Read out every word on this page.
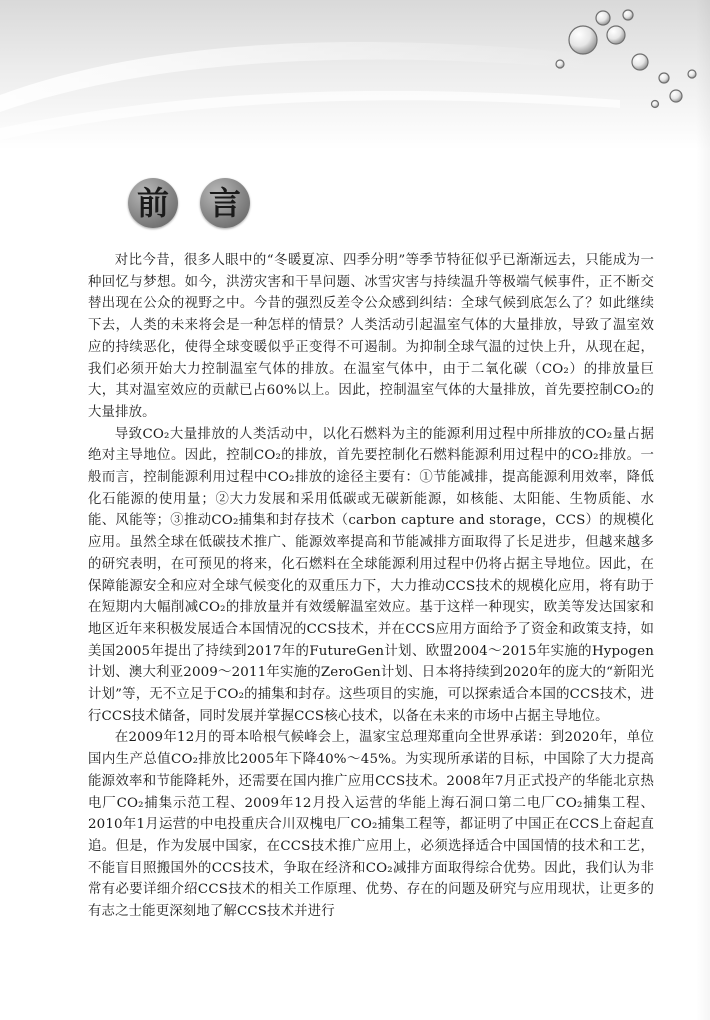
前 言

对比今昔，很多人眼中的“冬暖夏凉、四季分明”等季节特征似乎已渐渐远去，只能成为一种回忆与梦想。如今，洪涝灾害和干旱问题、冰雪灾害与持续温升等极端气候事件，正不断交替出现在公众的视野之中。今昔的强烈反差令公众感到纠结：全球气候到底怎么了？如此继续下去，人类的未来将会是一种怎样的情景？人类活动引起温室气体的大量排放，导致了温室效应的持续恶化，使得全球变暖似乎正变得不可遏制。为抑制全球气温的过快上升，从现在起，我们必须开始大力控制温室气体的排放。在温室气体中，由于二氧化碳（CO₂）的排放量巨大，其对温室效应的贡献已占60%以上。因此，控制温室气体的大量排放，首先要控制CO₂的大量排放。

导致CO₂大量排放的人类活动中，以化石燃料为主的能源利用过程中所排放的CO₂量占据绝对主导地位。因此，控制CO₂的排放，首先要控制化石燃料能源利用过程中的CO₂排放。一般而言，控制能源利用过程中CO₂排放的途径主要有：①节能减排，提高能源利用效率，降低化石能源的使用量；②大力发展和采用低碳或无碳新能源，如核能、太阳能、生物质能、水能、风能等；③推动CO₂捕集和封存技术（carbon capture and storage，CCS）的规模化应用。虽然全球在低碳技术推广、能源效率提高和节能减排方面取得了长足进步，但越来越多的研究表明，在可预见的将来，化石燃料在全球能源利用过程中仍将占据主导地位。因此，在保障能源安全和应对全球气候变化的双重压力下，大力推动CCS技术的规模化应用，将有助于在短期内大幅削减CO₂的排放量并有效缓解温室效应。基于这样一种现实，欧美等发达国家和地区近年来积极发展适合本国情况的CCS技术，并在CCS应用方面给予了资金和政策支持，如美国2005年提出了持续到2017年的FutureGen计划、欧盟2004～2015年实施的Hypogen计划、澳大利亚2009～2011年实施的ZeroGen计划、日本将持续到2020年的庞大的“新阳光计划”等，无不立足于CO₂的捕集和封存。这些项目的实施，可以探索适合本国的CCS技术，进行CCS技术储备，同时发展并掌握CCS核心技术，以备在未来的市场中占据主导地位。

在2009年12月的哥本哈根气候峰会上，温家宝总理郑重向全世界承诺：到2020年，单位国内生产总值CO₂排放比2005年下降40%～45%。为实现所承诺的目标，中国除了大力提高能源效率和节能降耗外，还需要在国内推广应用CCS技术。2008年7月正式投产的华能北京热电厂CO₂捕集示范工程、2009年12月投入运营的华能上海石洞口第二电厂CO₂捕集工程、2010年1月运营的中电投重庆合川双槐电厂CO₂捕集工程等，都证明了中国正在CCS上奋起直追。但是，作为发展中国家，在CCS技术推广应用上，必须选择适合中国国情的技术和工艺，不能盲目照搬国外的CCS技术，争取在经济和CO₂减排方面取得综合优势。因此，我们认为非常有必要详细介绍CCS技术的相关工作原理、优势、存在的问题及研究与应用现状，让更多的有志之士能更深刻地了解CCS技术并进行
